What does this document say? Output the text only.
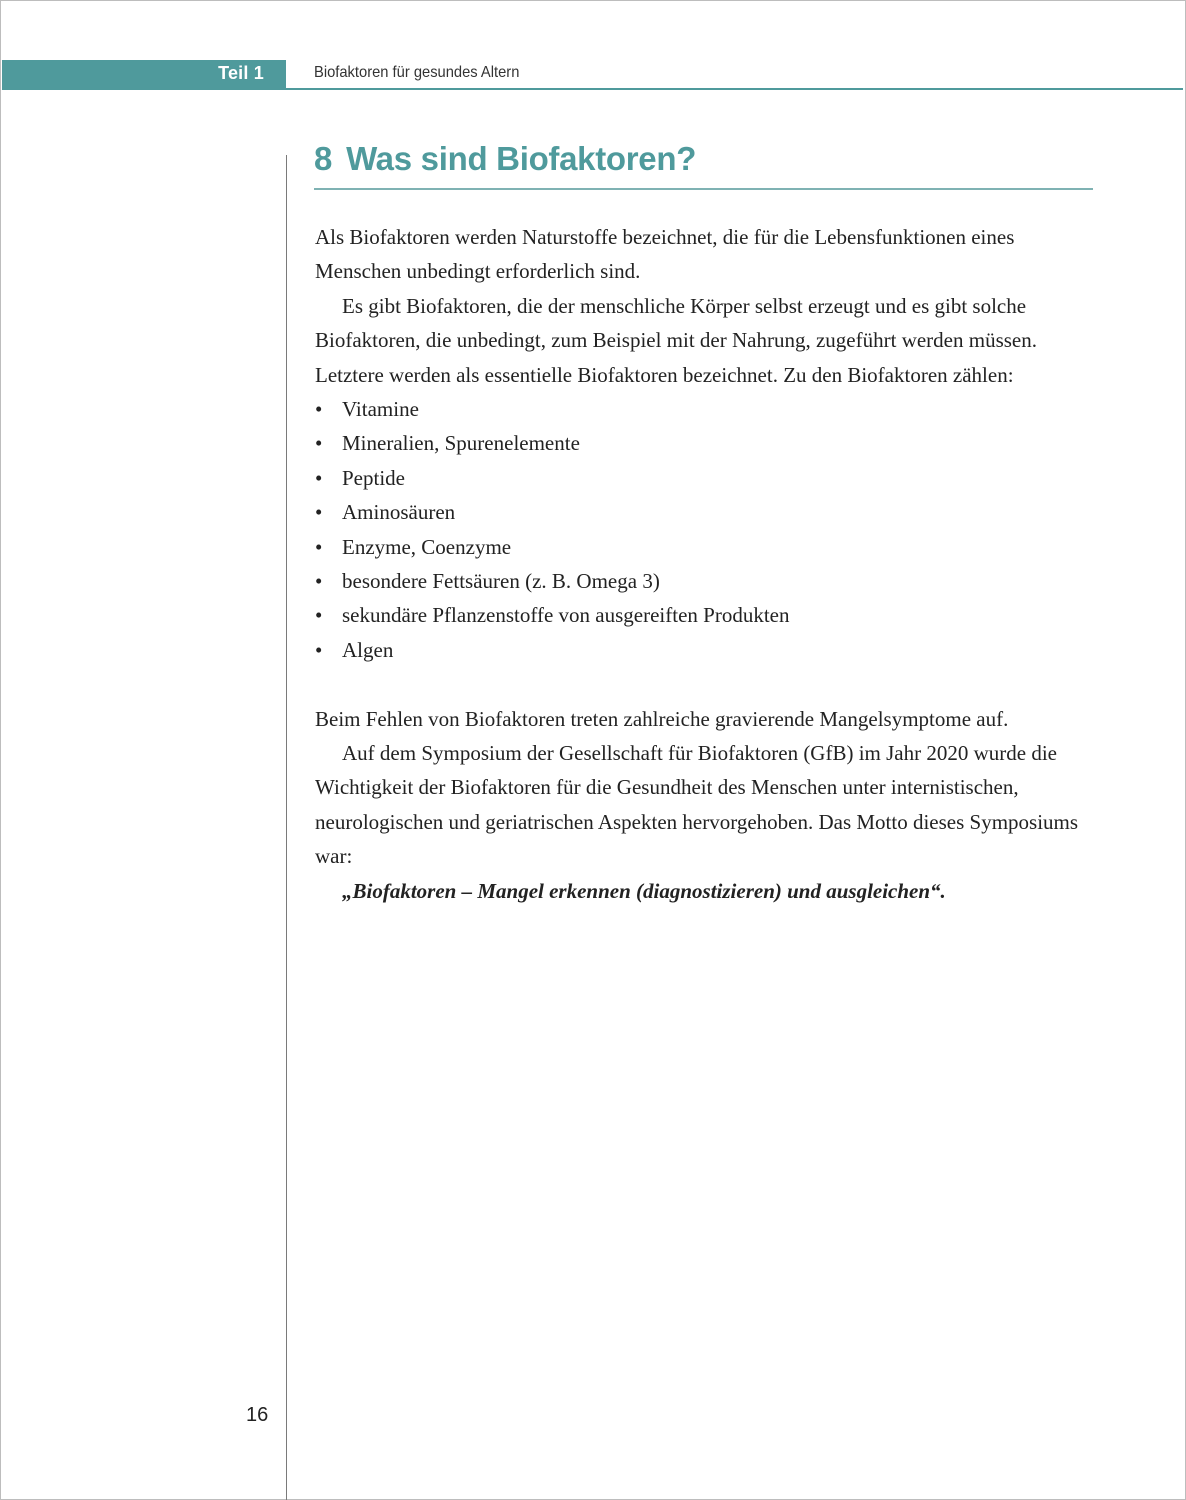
Teil 1	Biofaktoren für gesundes Altern
8 Was sind Biofaktoren?

Als Biofaktoren werden Naturstoffe bezeichnet, die für die Lebensfunktionen eines Menschen unbedingt erforderlich sind.

Es gibt Biofaktoren, die der menschliche Körper selbst erzeugt und es gibt solche Biofaktoren, die unbedingt, zum Beispiel mit der Nahrung, zugeführt werden müssen. Letztere werden als essentielle Biofaktoren bezeichnet. Zu den Biofaktoren zählen:

• Vitamine
• Mineralien, Spurenelemente
• Peptide
• Aminosäuren
• Enzyme, Coenzyme
• besondere Fettsäuren (z. B. Omega 3)
• sekundäre Pflanzenstoffe von ausgereiften Produkten
• Algen

Beim Fehlen von Biofaktoren treten zahlreiche gravierende Mangelsymptome auf.

Auf dem Symposium der Gesellschaft für Biofaktoren (GfB) im Jahr 2020 wurde die Wichtigkeit der Biofaktoren für die Gesundheit des Menschen unter internistischen, neurologischen und geriatrischen Aspekten hervorgehoben. Das Motto dieses Symposiums war:

„Biofaktoren – Mangel erkennen (diagnostizieren) und ausgleichen“.

16
